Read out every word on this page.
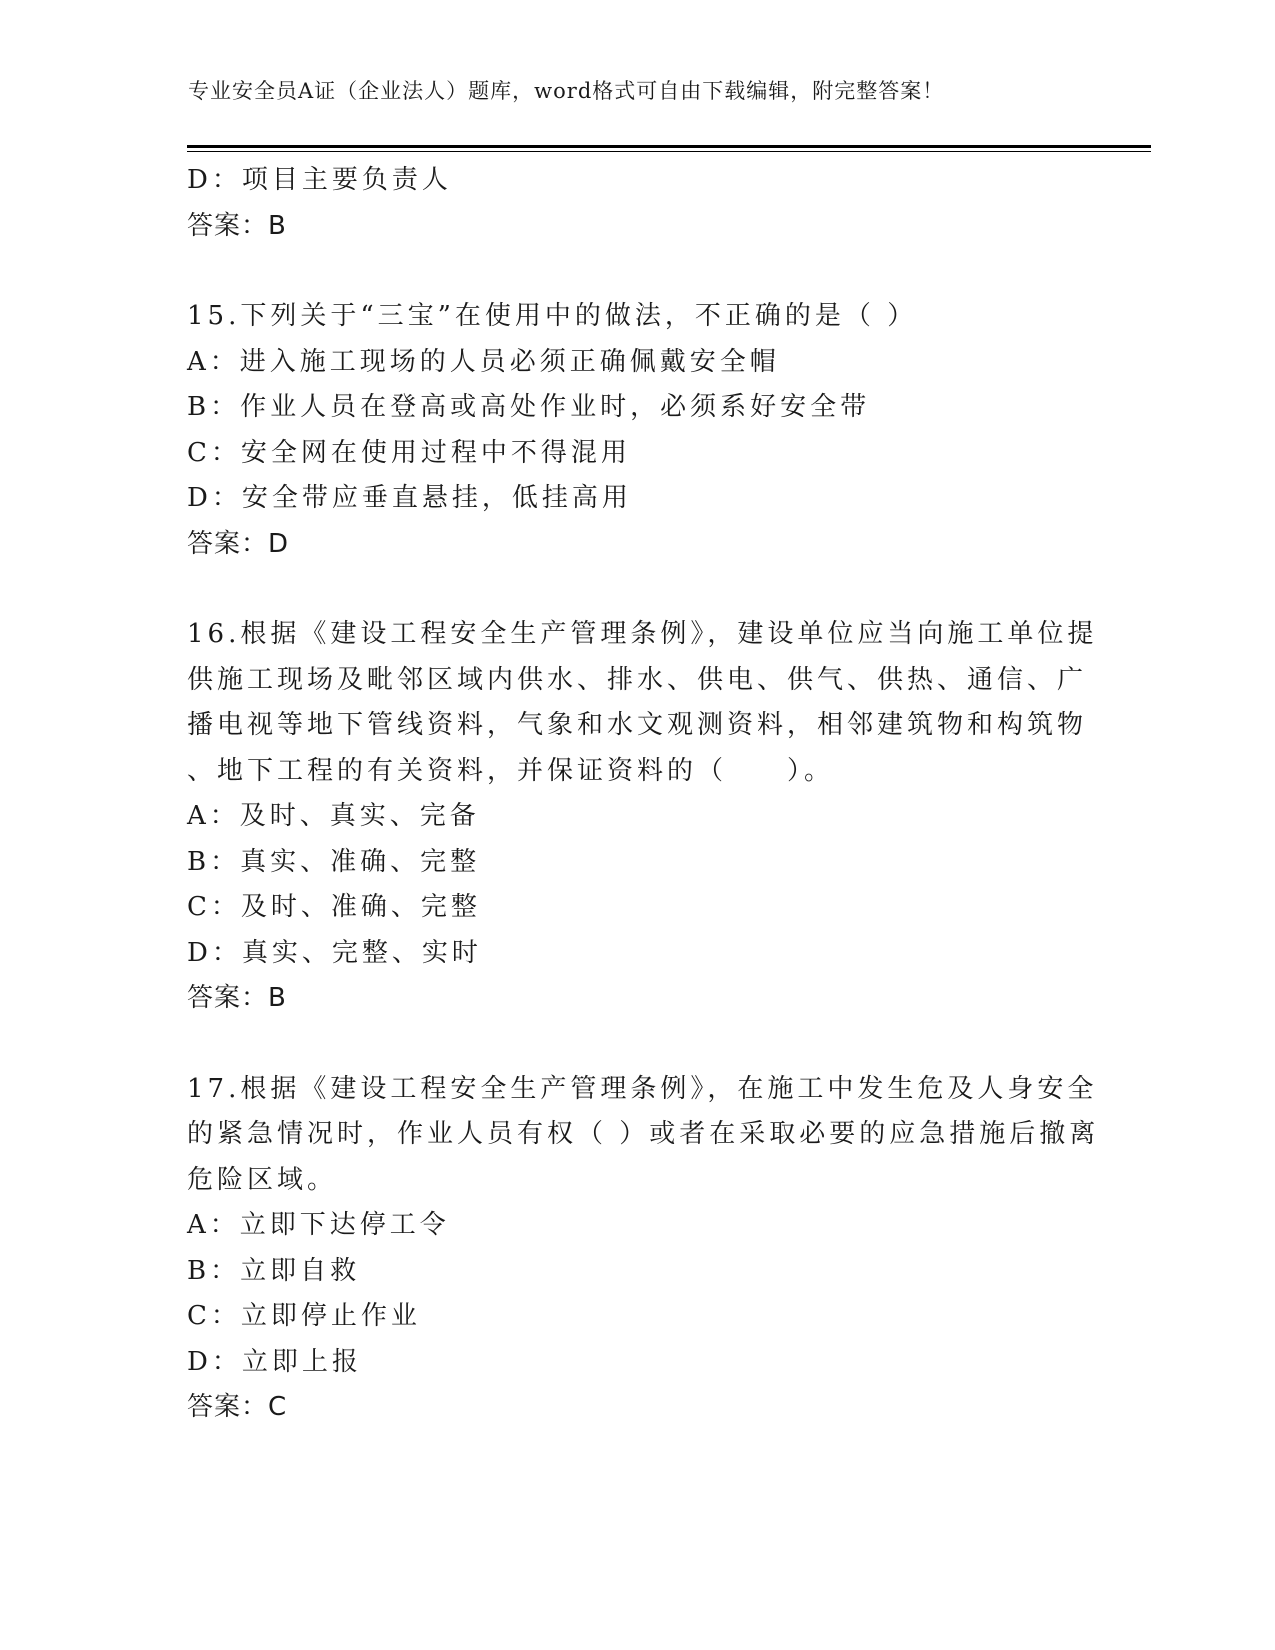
专业安全员A证（企业法人）题库，word格式可自由下载编辑，附完整答案！
D：项目主要负责人
答案：B
15.下列关于“三宝”在使用中的做法，不正确的是（ ）
A：进入施工现场的人员必须正确佩戴安全帽
B：作业人员在登高或高处作业时，必须系好安全带
C：安全网在使用过程中不得混用
D：安全带应垂直悬挂，低挂高用
答案：D
16.根据《建设工程安全生产管理条例》，建设单位应当向施工单位提
供施工现场及毗邻区域内供水、排水、供电、供气、供热、通信、广
播电视等地下管线资料，气象和水文观测资料，相邻建筑物和构筑物
、地下工程的有关资料，并保证资料的（　　）。
A：及时、真实、完备
B：真实、准确、完整
C：及时、准确、完整
D：真实、完整、实时
答案：B
17.根据《建设工程安全生产管理条例》，在施工中发生危及人身安全
的紧急情况时，作业人员有权（ ）或者在采取必要的应急措施后撤离
危险区域。
A：立即下达停工令
B：立即自救
C：立即停止作业
D：立即上报
答案：C
